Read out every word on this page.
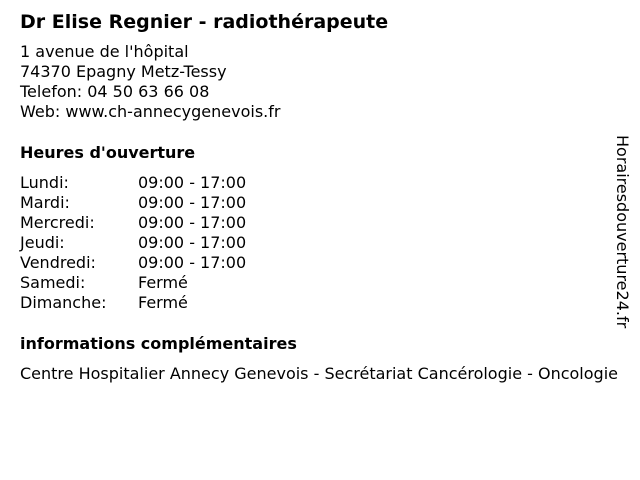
Dr Elise Regnier - radiothérapeute
1 avenue de l'hôpital
74370 Epagny Metz-Tessy
Telefon: 04 50 63 66 08
Web: www.ch-annecygenevois.fr
Heures d'ouverture
Lundi:	09:00 - 17:00
Mardi:	09:00 - 17:00
Mercredi:	09:00 - 17:00
Jeudi:	09:00 - 17:00
Vendredi:	09:00 - 17:00
Samedi:	Fermé
Dimanche:	Fermé
informations complémentaires
Centre Hospitalier Annecy Genevois - Secrétariat Cancérologie - Oncologie
Horairesdouverture24.fr
